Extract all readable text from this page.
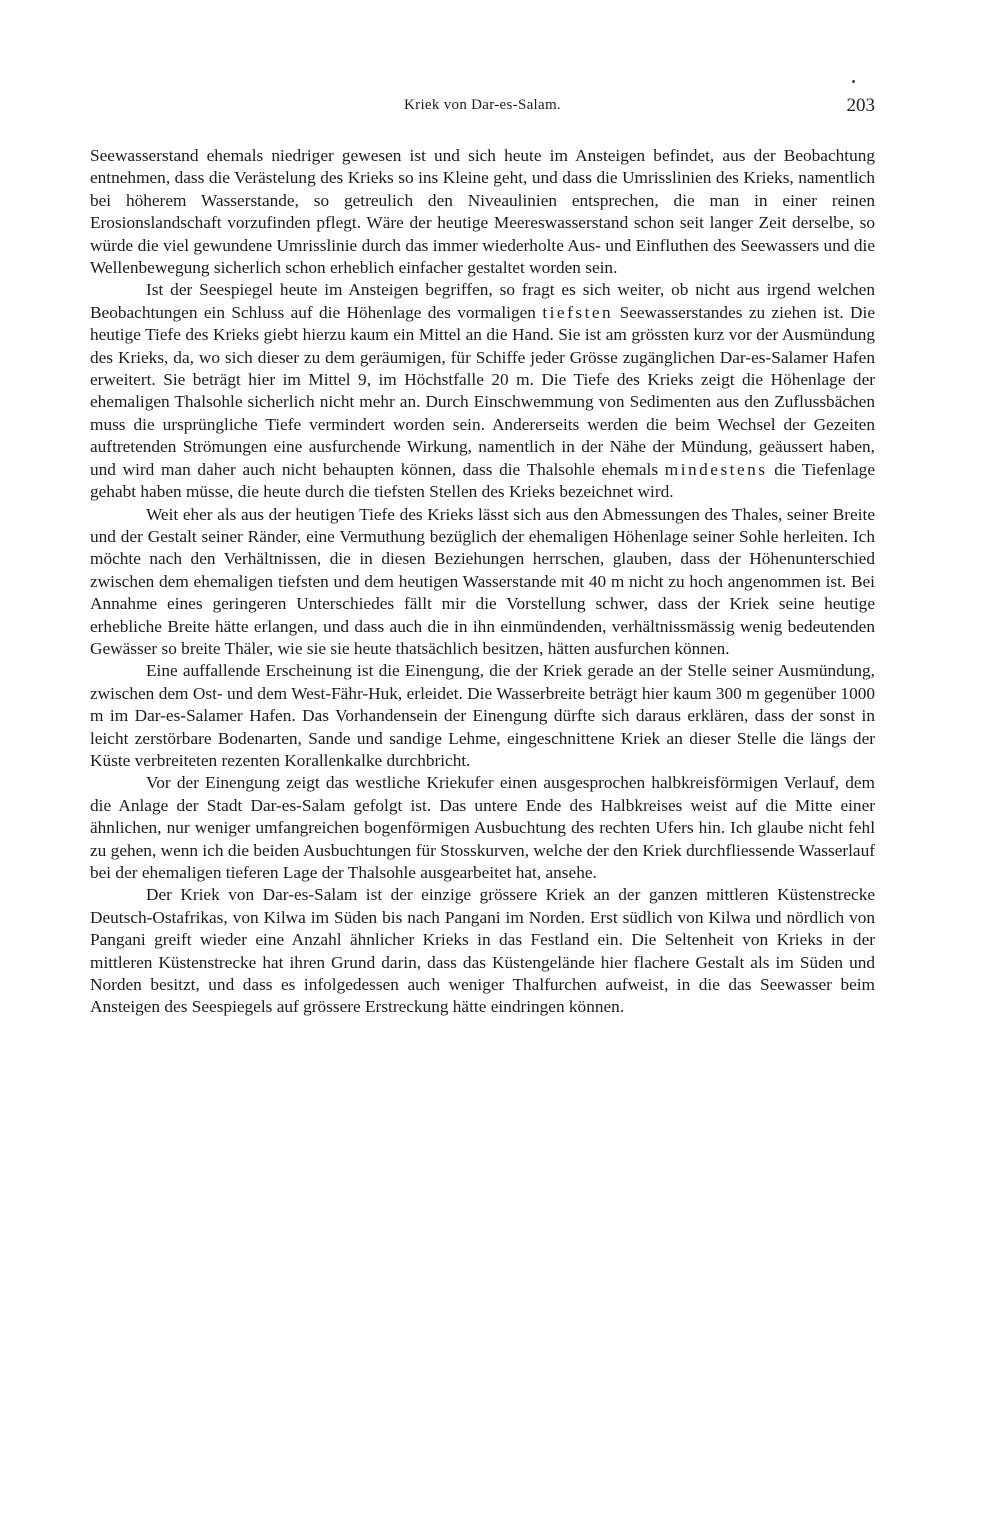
Kriek von Dar-es-Salam.	203

Seewasserstand ehemals niedriger gewesen ist und sich heute im Ansteigen befindet, aus der Beobachtung entnehmen, dass die Verästelung des Krieks so ins Kleine geht, und dass die Umrisslinien des Krieks, namentlich bei höherem Wasserstande, so getreulich den Niveaulinien entsprechen, die man in einer reinen Erosionslandschaft vorzufinden pflegt. Wäre der heutige Meereswasserstand schon seit langer Zeit derselbe, so würde die viel gewundene Umrisslinie durch das immer wiederholte Aus- und Einfluthen des Seewassers und die Wellenbewegung sicherlich schon erheblich einfacher gestaltet worden sein.

Ist der Seespiegel heute im Ansteigen begriffen, so fragt es sich weiter, ob nicht aus irgend welchen Beobachtungen ein Schluss auf die Höhenlage des vormaligen tiefsten Seewasserstandes zu ziehen ist. Die heutige Tiefe des Krieks giebt hierzu kaum ein Mittel an die Hand. Sie ist am grössten kurz vor der Ausmündung des Krieks, da, wo sich dieser zu dem geräumigen, für Schiffe jeder Grösse zugänglichen Dar-es-Salamer Hafen erweitert. Sie beträgt hier im Mittel 9, im Höchstfalle 20 m. Die Tiefe des Krieks zeigt die Höhenlage der ehemaligen Thalsohle sicherlich nicht mehr an. Durch Einschwemmung von Sedimenten aus den Zuflussbächen muss die ursprüngliche Tiefe vermindert worden sein. Andererseits werden die beim Wechsel der Gezeiten auftretenden Strömungen eine ausfurchende Wirkung, namentlich in der Nähe der Mündung, geäussert haben, und wird man daher auch nicht behaupten können, dass die Thalsohle ehemals mindestens die Tiefenlage gehabt haben müsse, die heute durch die tiefsten Stellen des Krieks bezeichnet wird.

Weit eher als aus der heutigen Tiefe des Krieks lässt sich aus den Abmessungen des Thales, seiner Breite und der Gestalt seiner Ränder, eine Vermuthung bezüglich der ehemaligen Höhenlage seiner Sohle herleiten. Ich möchte nach den Verhältnissen, die in diesen Beziehungen herrschen, glauben, dass der Höhenunterschied zwischen dem ehemaligen tiefsten und dem heutigen Wasserstande mit 40 m nicht zu hoch angenommen ist. Bei Annahme eines geringeren Unterschiedes fällt mir die Vorstellung schwer, dass der Kriek seine heutige erhebliche Breite hätte erlangen, und dass auch die in ihn einmündenden, verhältnissmässig wenig bedeutenden Gewässer so breite Thäler, wie sie sie heute thatsächlich besitzen, hätten ausfurchen können.

Eine auffallende Erscheinung ist die Einengung, die der Kriek gerade an der Stelle seiner Ausmündung, zwischen dem Ost- und dem West-Fähr-Huk, erleidet. Die Wasserbreite beträgt hier kaum 300 m gegenüber 1000 m im Dar-es-Salamer Hafen. Das Vorhandensein der Einengung dürfte sich daraus erklären, dass der sonst in leicht zerstörbare Bodenarten, Sande und sandige Lehme, eingeschnittene Kriek an dieser Stelle die längs der Küste verbreiteten rezenten Korallenkalke durchbricht.

Vor der Einengung zeigt das westliche Kriekufer einen ausgesprochen halbkreisförmigen Verlauf, dem die Anlage der Stadt Dar-es-Salam gefolgt ist. Das untere Ende des Halbkreises weist auf die Mitte einer ähnlichen, nur weniger umfangreichen bogenförmigen Ausbuchtung des rechten Ufers hin. Ich glaube nicht fehl zu gehen, wenn ich die beiden Ausbuchtungen für Stosskurven, welche der den Kriek durchfliessende Wasserlauf bei der ehemaligen tieferen Lage der Thalsohle ausgearbeitet hat, ansehe.

Der Kriek von Dar-es-Salam ist der einzige grössere Kriek an der ganzen mittleren Küstenstrecke Deutsch-Ostafrikas, von Kilwa im Süden bis nach Pangani im Norden. Erst südlich von Kilwa und nördlich von Pangani greift wieder eine Anzahl ähnlicher Krieks in das Festland ein. Die Seltenheit von Krieks in der mittleren Küstenstrecke hat ihren Grund darin, dass das Küstengelände hier flachere Gestalt als im Süden und Norden besitzt, und dass es infolgedessen auch weniger Thalfurchen aufweist, in die das Seewasser beim Ansteigen des Seespiegels auf grössere Erstreckung hätte eindringen können.
